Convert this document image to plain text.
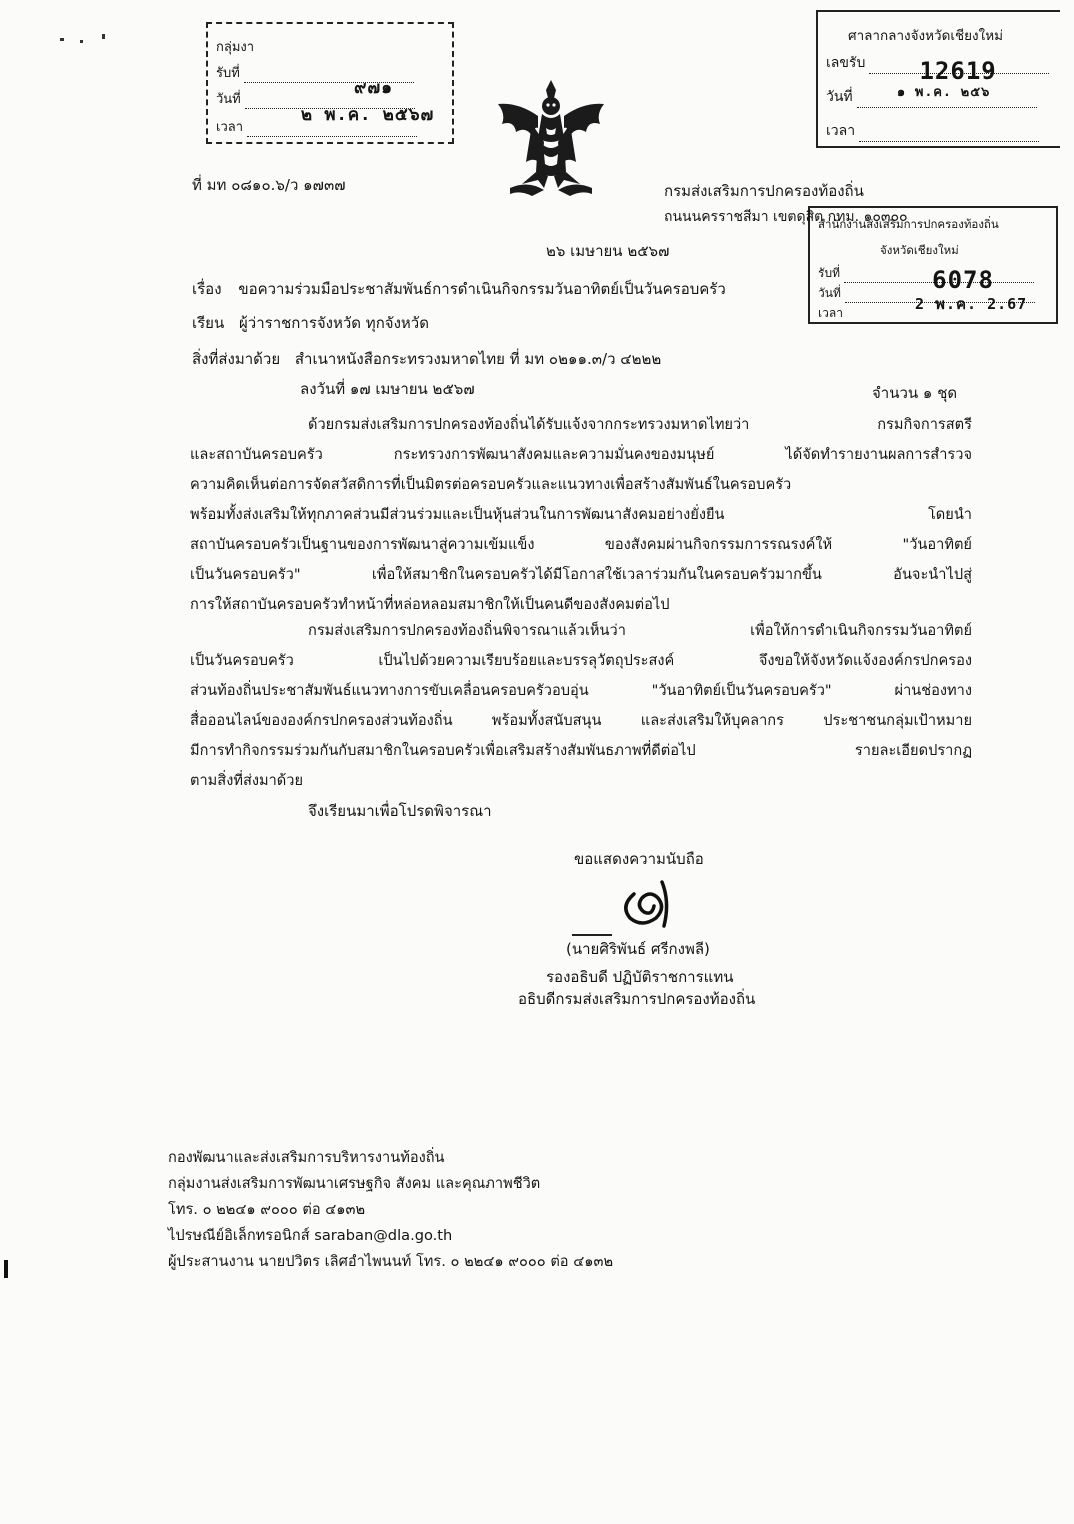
กลุ่มงา
รับที่
๙๗๑
วันที่
๒ พ.ค. ๒๕๖๗
เวลา
ศาลากลางจังหวัดเชียงใหม่
เลขรับ 12619
วันที่	๑ พ.ค. ๒๕๖
เวลา
สำนักงานส่งเสริมการปกครองท้องถิ่น
จังหวัดเชียงใหม่
รับที่	6078
วันที่
2 พ.ค. 2.67
เวลา
ที่ มท ๐๘๑๐.๖/ว ๑๗๓๗	กรมส่งเสริมการปกครองท้องถิ่น
ถนนนครราชสีมา เขตดุสิต กทม. ๑๐๓๐๐
๒๖ เมษายน ๒๕๖๗
เรื่อง ขอความร่วมมือประชาสัมพันธ์การดำเนินกิจกรรมวันอาทิตย์เป็นวันครอบครัว
เรียน ผู้ว่าราชการจังหวัด ทุกจังหวัด
สิ่งที่ส่งมาด้วย สำเนาหนังสือกระทรวงมหาดไทย ที่ มท ๐๒๑๑.๓/ว ๔๒๒๒
ลงวันที่ ๑๗ เมษายน ๒๕๖๗	จำนวน ๑ ชุด

ด้วยกรมส่งเสริมการปกครองท้องถิ่นได้รับแจ้งจากกระทรวงมหาดไทยว่า กรมกิจการสตรี

และสถาบันครอบครัว กระทรวงการพัฒนาสังคมและความมั่นคงของมนุษย์ ได้จัดทำรายงานผลการสำรวจ

ความคิดเห็นต่อการจัดสวัสดิการที่เป็นมิตรต่อครอบครัวและแนวทางเพื่อสร้างสัมพันธ์ในครอบครัว

พร้อมทั้งส่งเสริมให้ทุกภาคส่วนมีส่วนร่วมและเป็นหุ้นส่วนในการพัฒนาสังคมอย่างยั่งยืน โดยนำ

สถาบันครอบครัวเป็นฐานของการพัฒนาสู่ความเข้มแข็ง ของสังคมผ่านกิจกรรมการรณรงค์ให้ "วันอาทิตย์

เป็นวันครอบครัว" เพื่อให้สมาชิกในครอบครัวได้มีโอกาสใช้เวลาร่วมกันในครอบครัวมากขึ้น อันจะนำไปสู่

การให้สถาบันครอบครัวทำหน้าที่หล่อหลอมสมาชิกให้เป็นคนดีของสังคมต่อไป

กรมส่งเสริมการปกครองท้องถิ่นพิจารณาแล้วเห็นว่า เพื่อให้การดำเนินกิจกรรมวันอาทิตย์

เป็นวันครอบครัว เป็นไปด้วยความเรียบร้อยและบรรลุวัตถุประสงค์ จึงขอให้จังหวัดแจ้งองค์กรปกครอง

ส่วนท้องถิ่นประชาสัมพันธ์แนวทางการขับเคลื่อนครอบครัวอบอุ่น "วันอาทิตย์เป็นวันครอบครัว" ผ่านช่องทาง

สื่อออนไลน์ขององค์กรปกครองส่วนท้องถิ่น พร้อมทั้งสนับสนุน และส่งเสริมให้บุคลากร ประชาชนกลุ่มเป้าหมาย

มีการทำกิจกรรมร่วมกันกับสมาชิกในครอบครัวเพื่อเสริมสร้างสัมพันธภาพที่ดีต่อไป รายละเอียดปรากฏ

ตามสิ่งที่ส่งมาด้วย

จึงเรียนมาเพื่อโปรดพิจารณา
ขอแสดงความนับถือ
(นายศิริพันธ์ ศรีกงพลี)
รองอธิบดี ปฏิบัติราชการแทน
อธิบดีกรมส่งเสริมการปกครองท้องถิ่น
กองพัฒนาและส่งเสริมการบริหารงานท้องถิ่น
กลุ่มงานส่งเสริมการพัฒนาเศรษฐกิจ สังคม และคุณภาพชีวิต
โทร. ๐ ๒๒๔๑ ๙๐๐๐ ต่อ ๔๑๓๒
ไปรษณีย์อิเล็กทรอนิกส์ saraban@dla.go.th
ผู้ประสานงาน นายปวิตร เลิศอำไพนนท์ โทร. ๐ ๒๒๔๑ ๙๐๐๐ ต่อ ๔๑๓๒
